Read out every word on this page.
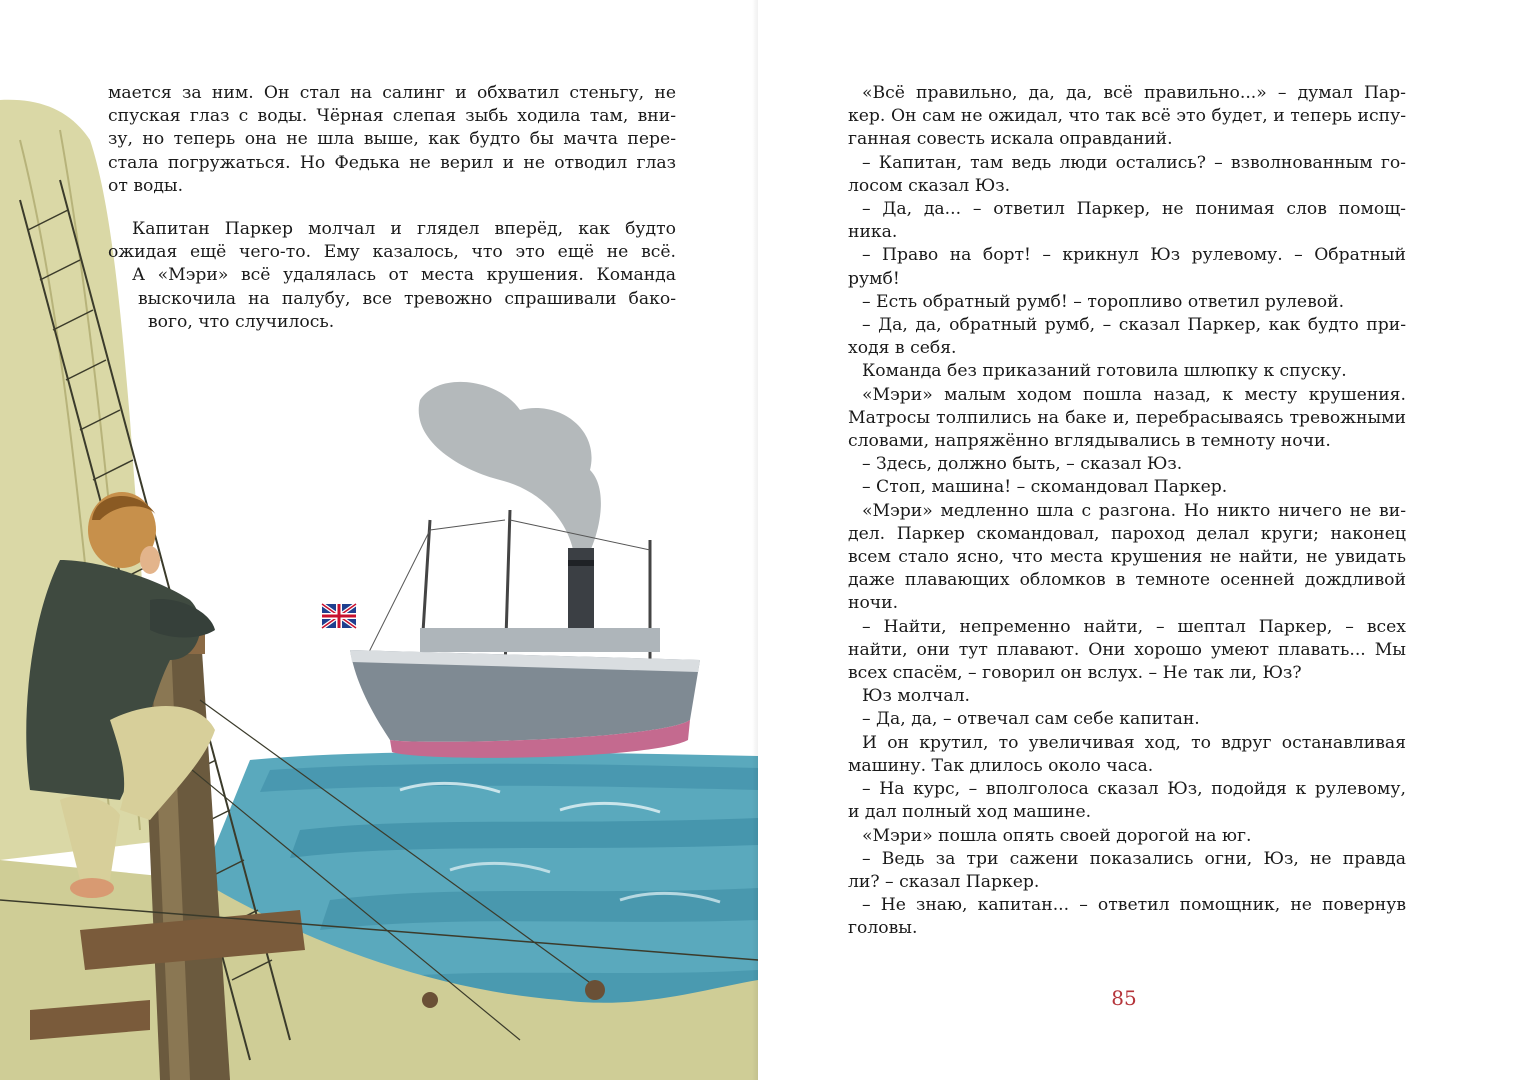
мается за ним. Он стал на салинг и обхватил стеньгу, не
спуская глаз с воды. Чёрная слепая зыбь ходила там, вни-
зу, но теперь она не шла выше, как будто бы мачта пере-
стала погружаться. Но Федька не верил и не отводил глаз
от воды.
Капитан Паркер молчал и глядел вперёд, как будто
ожидая ещё чего-то. Ему казалось, что это ещё не всё.
А «Мэри» всё удалялась от места крушения. Команда
выскочила на палубу, все тревожно спрашивали бако-
вого, что случилось.
«Всё правильно, да, да, всё правильно...» – думал Пар-
кер. Он сам не ожидал, что так всё это будет, и теперь испу-
ганная совесть искала оправданий.
– Капитан, там ведь люди остались? – взволнованным го-
лосом сказал Юз.
– Да, да... – ответил Паркер, не понимая слов помощ-
ника.
– Право на борт! – крикнул Юз рулевому. – Обратный
румб!
– Есть обратный румб! – торопливо ответил рулевой.
– Да, да, обратный румб, – сказал Паркер, как будто при-
ходя в себя.
Команда без приказаний готовила шлюпку к спуску.
«Мэри» малым ходом пошла назад, к месту крушения.
Матросы толпились на баке и, перебрасываясь тревожными
словами, напряжённо вглядывались в темноту ночи.
– Здесь, должно быть, – сказал Юз.
– Стоп, машина! – скомандовал Паркер.
«Мэри» медленно шла с разгона. Но никто ничего не ви-
дел. Паркер скомандовал, пароход делал круги; наконец
всем стало ясно, что места крушения не найти, не увидать
даже плавающих обломков в темноте осенней дождливой
ночи.
– Найти, непременно найти, – шептал Паркер, – всех
найти, они тут плавают. Они хорошо умеют плавать... Мы
всех спасём, – говорил он вслух. – Не так ли, Юз?
Юз молчал.
– Да, да, – отвечал сам себе капитан.
И он крутил, то увеличивая ход, то вдруг останавливая
машину. Так длилось около часа.
– На курс, – вполголоса сказал Юз, подойдя к рулевому,
и дал полный ход машине.
«Мэри» пошла опять своей дорогой на юг.
– Ведь за три сажени показались огни, Юз, не правда
ли? – сказал Паркер.
– Не знаю, капитан... – ответил помощник, не повернув
головы.
85
